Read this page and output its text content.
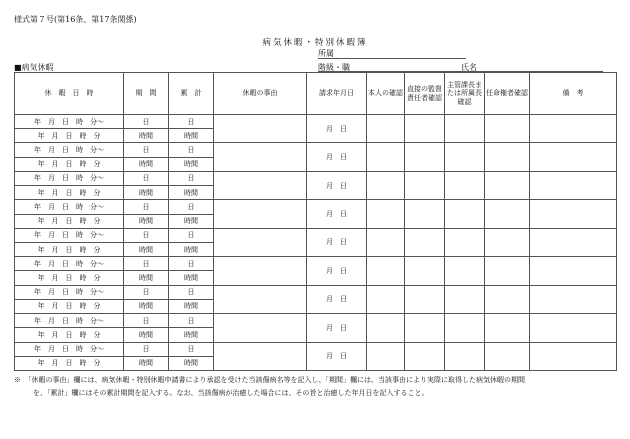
様式第７号(第16条、第17条関係)
病気休暇・特別休暇簿
所属
■病気休暇	階級・職	氏名
休　暇　日　時	期　間	累　計	休暇の事由	請求年月日	本人の確認	直接の監督責任者確認	主管課長または所属長確認	任命権者確認	備　考
年　月　日　時　分～	日	日		月　日					
年　月　日　時　分	時間	時間							
年　月　日　時　分～	日	日		月　日					
年　月　日　時　分	時間	時間							
年　月　日　時　分～	日	日		月　日					
年　月　日　時　分	時間	時間							
年　月　日　時　分～	日	日		月　日					
年　月　日　時　分	時間	時間							
年　月　日　時　分～	日	日		月　日					
年　月　日　時　分	時間	時間							
年　月　日　時　分～	日	日		月　日					
年　月　日　時　分	時間	時間							
年　月　日　時　分～	日	日		月　日					
年　月　日　時　分	時間	時間							
年　月　日　時　分～	日	日		月　日					
年　月　日　時　分	時間	時間							
年　月　日　時　分～	日	日		月　日					
年　月　日　時　分	時間	時間							
※　 「休暇の事由」欄には、病気休暇・特別休暇申請書により承認を受けた当該傷病名等を記入し、「期間」欄には、当該事由により実際に取得した病気休暇の期間
を、「累計」欄にはその累計期間を記入する。なお、当該傷病が治癒した場合には、その旨と治癒した年月日を記入すること。
